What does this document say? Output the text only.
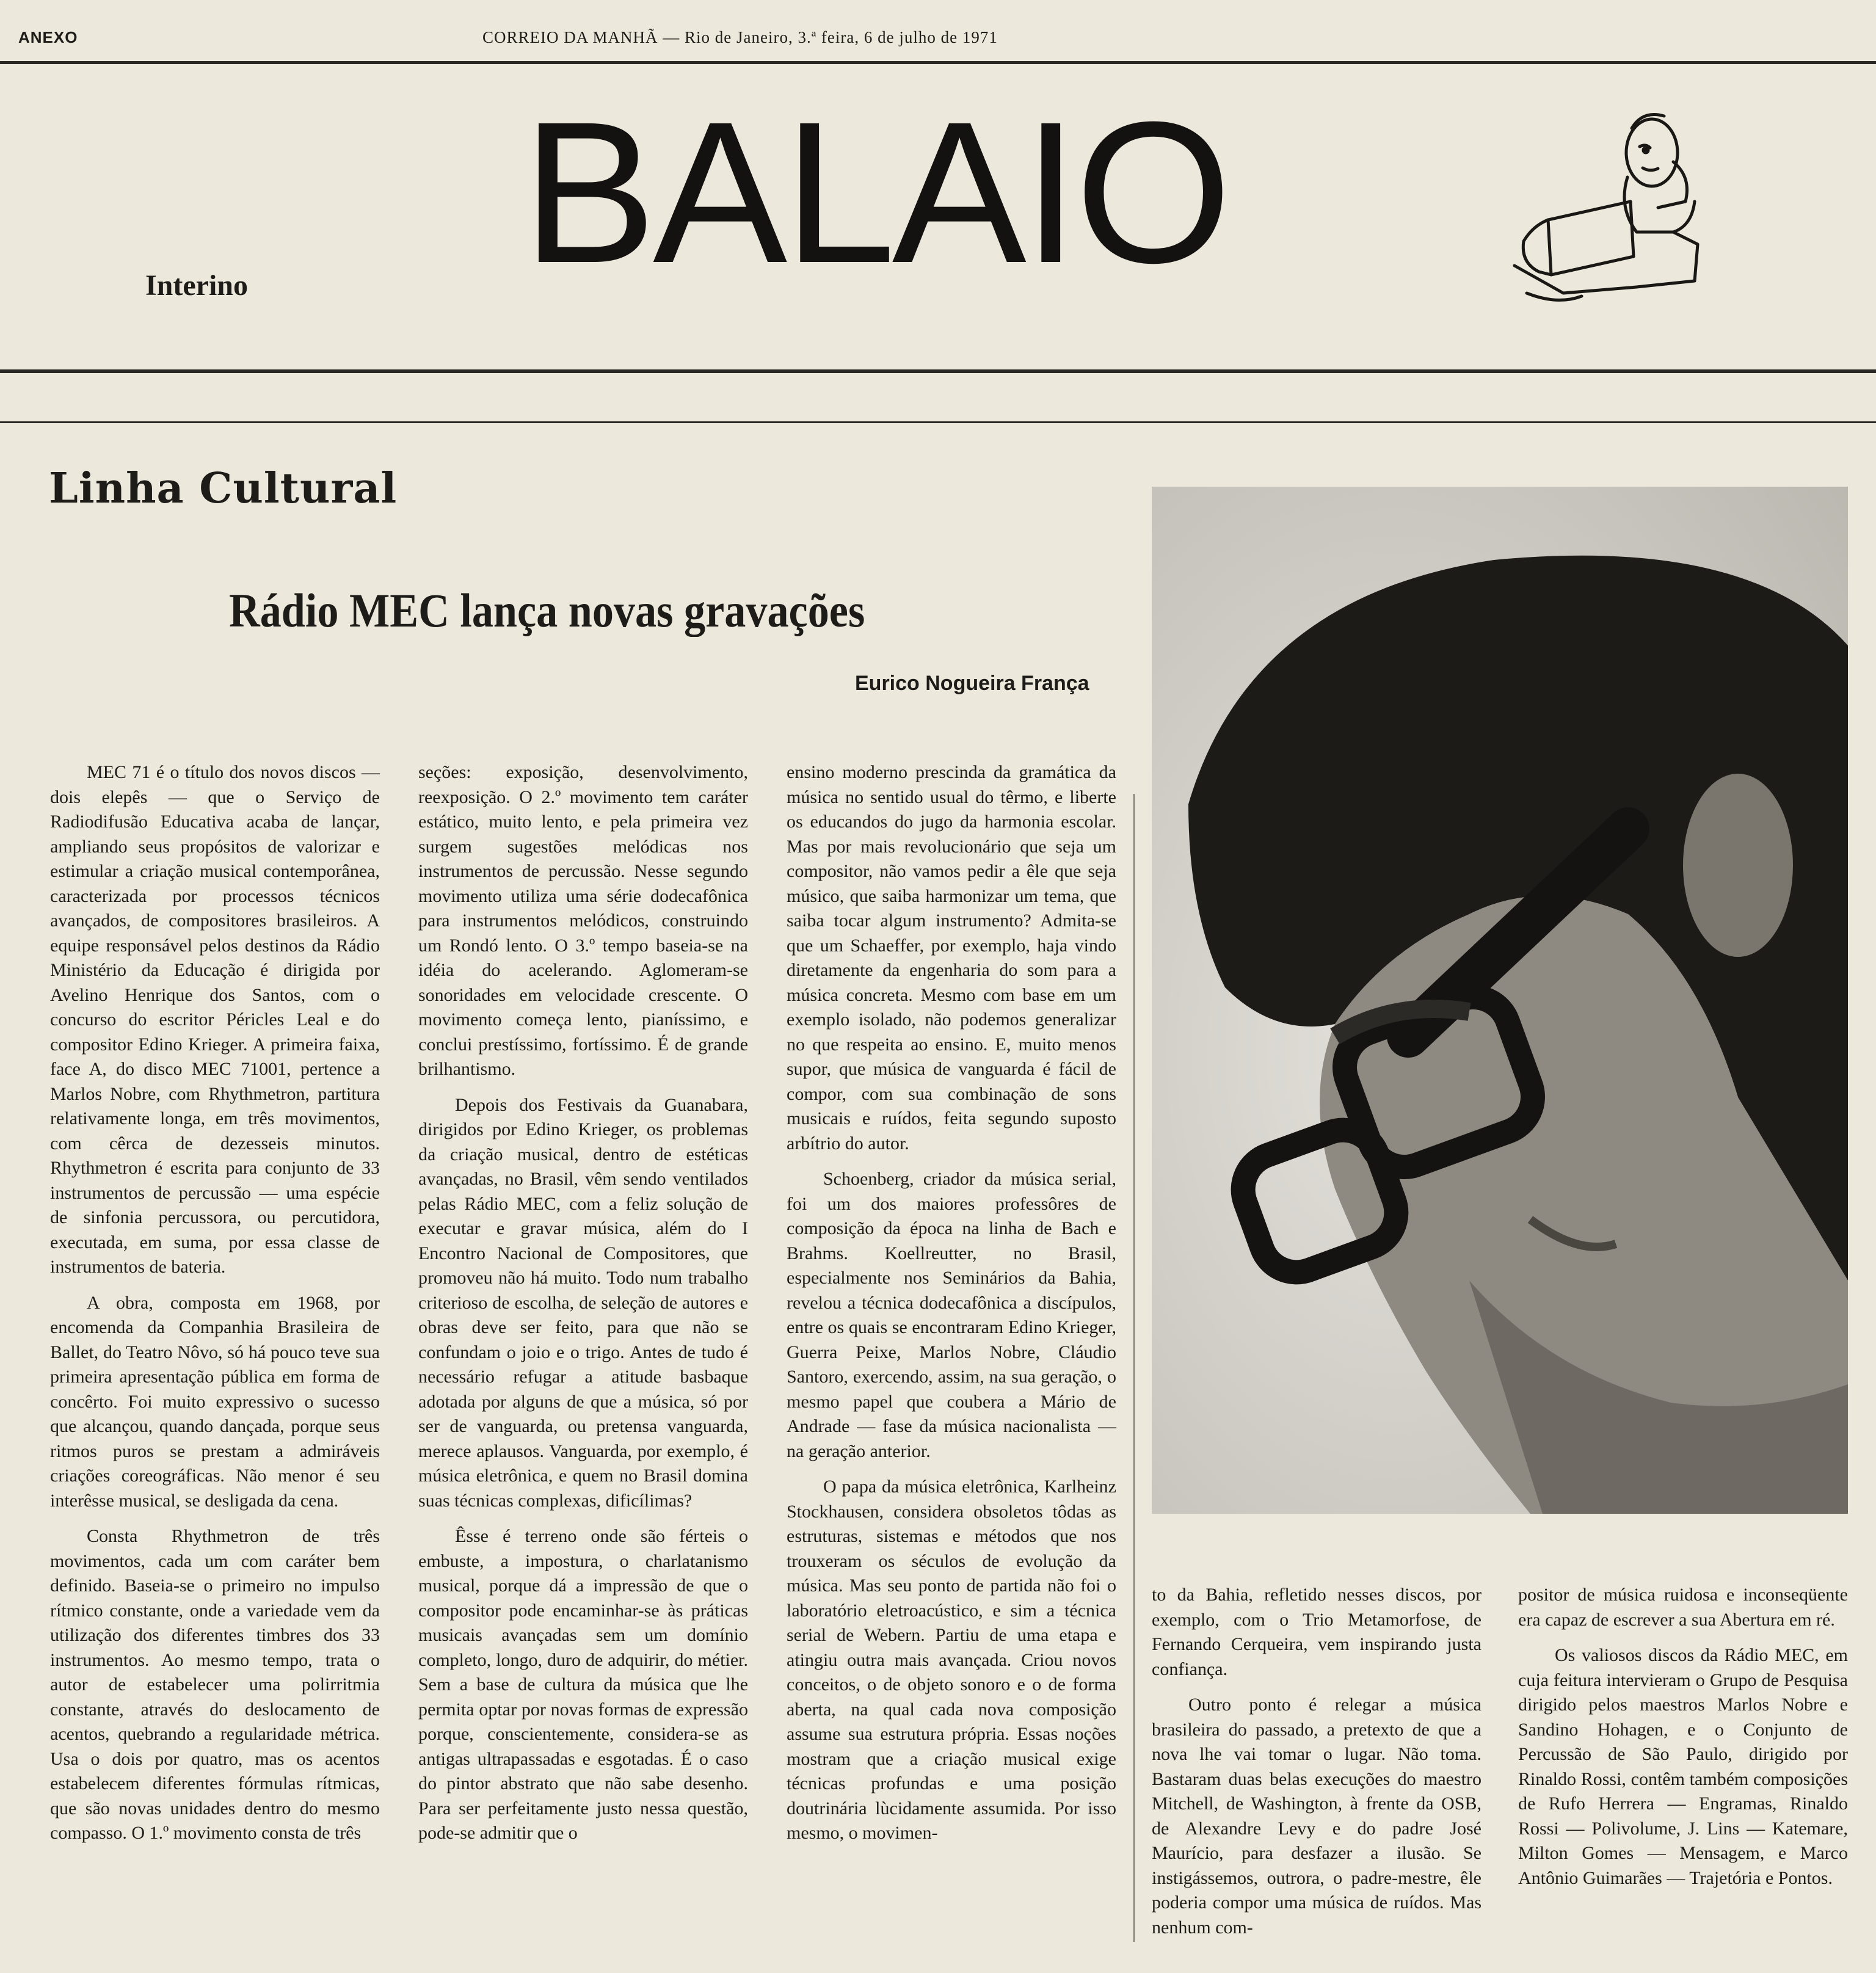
ANEXO	CORREIO DA MANHÃ — Rio de Janeiro, 3.ª feira, 6 de julho de 1971
BALAIO
Interino
Linha Cultural
Rádio MEC lança novas gravações
Eurico Nogueira França

MEC 71 é o título dos novos discos — dois elepês — que o Serviço de Radiodifusão Educativa acaba de lançar, ampliando seus propósitos de valorizar e estimular a criação musical contemporânea, caracterizada por processos técnicos avançados, de compositores brasileiros. A equipe responsável pelos destinos da Rádio Ministério da Educação é dirigida por Avelino Henrique dos Santos, com o concurso do escritor Péricles Leal e do compositor Edino Krieger. A primeira faixa, face A, do disco MEC 71001, pertence a Marlos Nobre, com Rhythmetron, partitura relativamente longa, em três movimentos, com cêrca de dezesseis minutos. Rhythmetron é escrita para conjunto de 33 instrumentos de percussão — uma espécie de sinfonia percussora, ou percutidora, executada, em suma, por essa classe de instrumentos de bateria.

A obra, composta em 1968, por encomenda da Companhia Brasileira de Ballet, do Teatro Nôvo, só há pouco teve sua primeira apresentação pública em forma de concêrto. Foi muito expressivo o sucesso que alcançou, quando dançada, porque seus ritmos puros se prestam a admiráveis criações coreográficas. Não menor é seu interêsse musical, se desligada da cena.

Consta Rhythmetron de três movimentos, cada um com caráter bem definido. Baseia-se o primeiro no impulso rítmico constante, onde a variedade vem da utilização dos diferentes timbres dos 33 instrumentos. Ao mesmo tempo, trata o autor de estabelecer uma polirritmia constante, através do deslocamento de acentos, quebrando a regularidade métrica. Usa o dois por quatro, mas os acentos estabelecem diferentes fórmulas rítmicas, que são novas unidades dentro do mesmo compasso. O 1.º movimento consta de três

seções: exposição, desenvolvimento, reexposição. O 2.º movimento tem caráter estático, muito lento, e pela primeira vez surgem sugestões melódicas nos instrumentos de percussão. Nesse segundo movimento utiliza uma série dodecafônica para instrumentos melódicos, construindo um Rondó lento. O 3.º tempo baseia-se na idéia do acelerando. Aglomeram-se sonoridades em velocidade crescente. O movimento começa lento, pianíssimo, e conclui prestíssimo, fortíssimo. É de grande brilhantismo.

Depois dos Festivais da Guanabara, dirigidos por Edino Krieger, os problemas da criação musical, dentro de estéticas avançadas, no Brasil, vêm sendo ventilados pelas Rádio MEC, com a feliz solução de executar e gravar música, além do I Encontro Nacional de Compositores, que promoveu não há muito. Todo num trabalho criterioso de escolha, de seleção de autores e obras deve ser feito, para que não se confundam o joio e o trigo. Antes de tudo é necessário refugar a atitude basbaque adotada por alguns de que a música, só por ser de vanguarda, ou pretensa vanguarda, merece aplausos. Vanguarda, por exemplo, é música eletrônica, e quem no Brasil domina suas técnicas complexas, dificílimas?

Êsse é terreno onde são férteis o embuste, a impostura, o charlatanismo musical, porque dá a impressão de que o compositor pode encaminhar-se às práticas musicais avançadas sem um domínio completo, longo, duro de adquirir, do métier. Sem a base de cultura da música que lhe permita optar por novas formas de expressão porque, conscientemente, considera-se as antigas ultrapassadas e esgotadas. É o caso do pintor abstrato que não sabe desenho. Para ser perfeitamente justo nessa questão, pode-se admitir que o

ensino moderno prescinda da gramática da música no sentido usual do têrmo, e liberte os educandos do jugo da harmonia escolar. Mas por mais revolucionário que seja um compositor, não vamos pedir a êle que seja músico, que saiba harmonizar um tema, que saiba tocar algum instrumento? Admita-se que um Schaeffer, por exemplo, haja vindo diretamente da engenharia do som para a música concreta. Mesmo com base em um exemplo isolado, não podemos generalizar no que respeita ao ensino. E, muito menos supor, que música de vanguarda é fácil de compor, com sua combinação de sons musicais e ruídos, feita segundo suposto arbítrio do autor.

Schoenberg, criador da música serial, foi um dos maiores professôres de composição da época na linha de Bach e Brahms. Koellreutter, no Brasil, especialmente nos Seminários da Bahia, revelou a técnica dodecafônica a discípulos, entre os quais se encontraram Edino Krieger, Guerra Peixe, Marlos Nobre, Cláudio Santoro, exercendo, assim, na sua geração, o mesmo papel que coubera a Mário de Andrade — fase da música nacionalista — na geração anterior.

O papa da música eletrônica, Karlheinz Stockhausen, considera obsoletos tôdas as estruturas, sistemas e métodos que nos trouxeram os séculos de evolução da música. Mas seu ponto de partida não foi o laboratório eletroacústico, e sim a técnica serial de Webern. Partiu de uma etapa e atingiu outra mais avançada. Criou novos conceitos, o de objeto sonoro e o de forma aberta, na qual cada nova composição assume sua estrutura própria. Essas noções mostram que a criação musical exige técnicas profundas e uma posição doutrinária lùcidamente assumida. Por isso mesmo, o movimen-

to da Bahia, refletido nesses discos, por exemplo, com o Trio Metamorfose, de Fernando Cerqueira, vem inspirando justa confiança.

Outro ponto é relegar a música brasileira do passado, a pretexto de que a nova lhe vai tomar o lugar. Não toma. Bastaram duas belas execuções do maestro Mitchell, de Washington, à frente da OSB, de Alexandre Levy e do padre José Maurício, para desfazer a ilusão. Se instigássemos, outrora, o padre-mestre, êle poderia compor uma música de ruídos. Mas nenhum com-

positor de música ruidosa e inconseqüente era capaz de escrever a sua Abertura em ré.

Os valiosos discos da Rádio MEC, em cuja feitura intervieram o Grupo de Pesquisa dirigido pelos maestros Marlos Nobre e Sandino Hohagen, e o Conjunto de Percussão de São Paulo, dirigido por Rinaldo Rossi, contêm também composições de Rufo Herrera — Engramas, Rinaldo Rossi — Polivolume, J. Lins — Katemare, Milton Gomes — Mensagem, e Marco Antônio Guimarães — Trajetória e Pontos.
